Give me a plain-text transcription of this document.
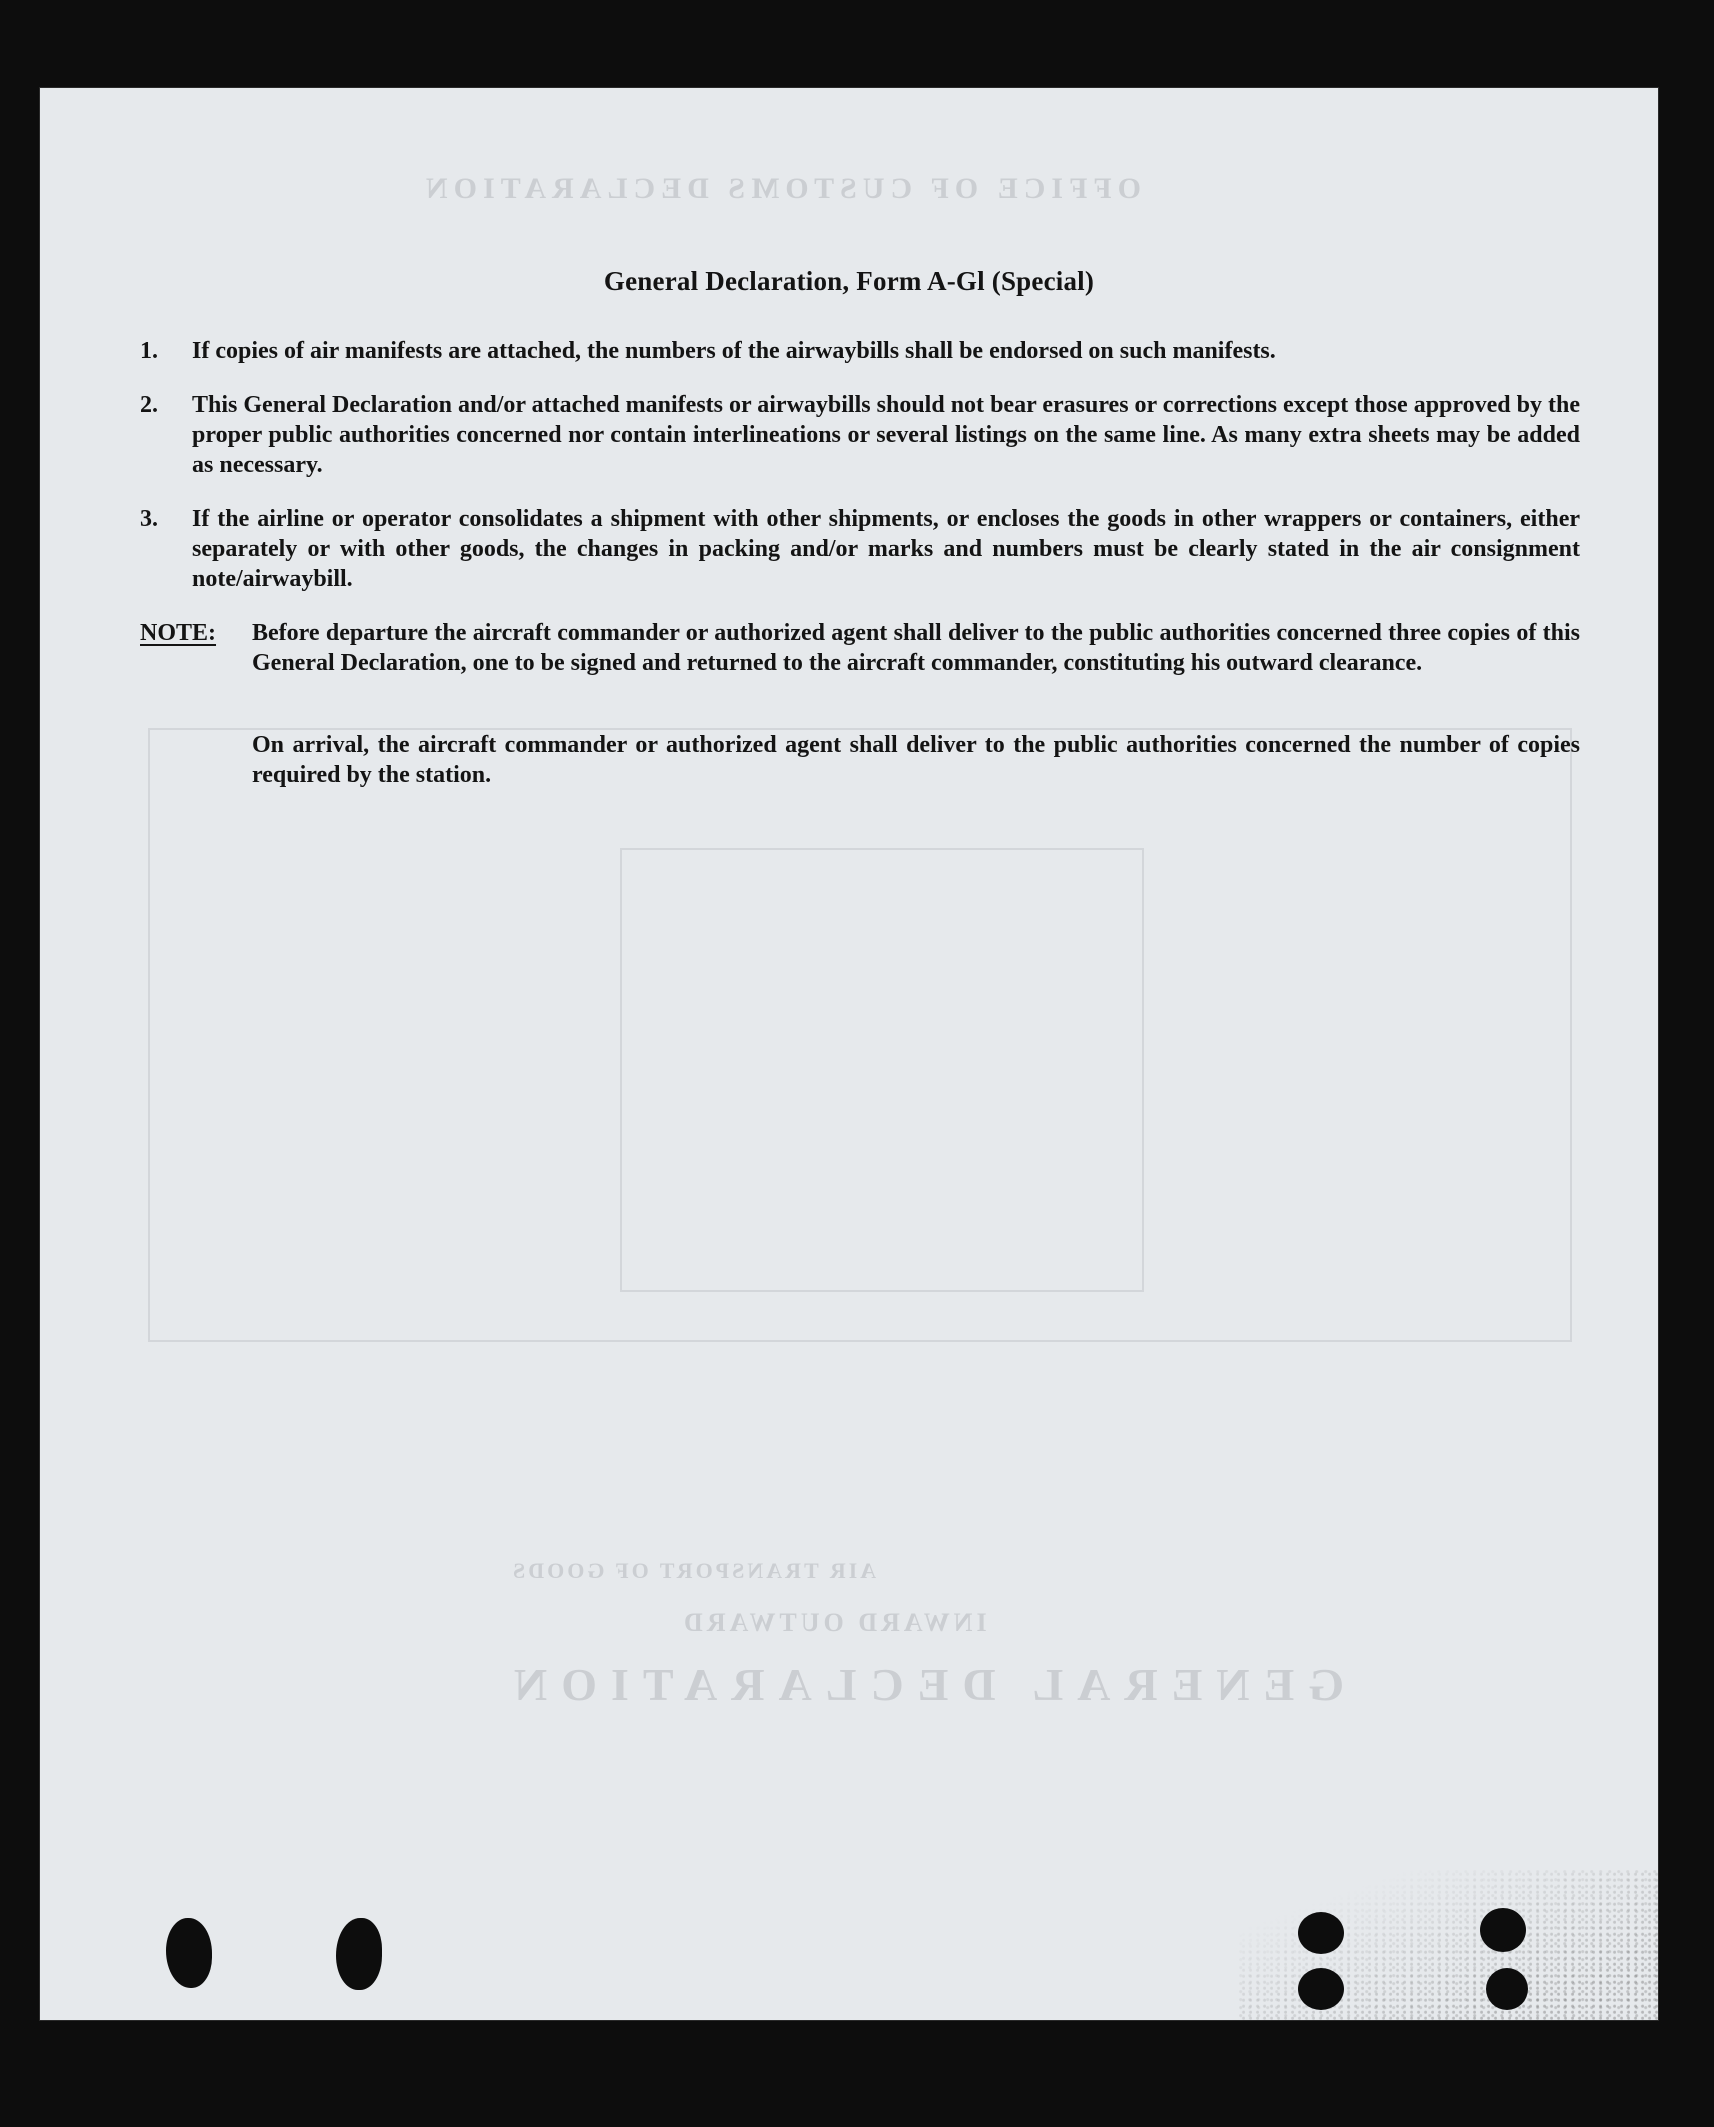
OFFICE OF CUSTOMS DECLARATION
GENERAL DECLARATION
INWARD OUTWARD
AIR TRANSPORT OF GOODS
General Declaration, Form A-Gl (Special)
1. If copies of air manifests are attached, the numbers of the airwaybills shall be endorsed on such manifests.
2. This General Declaration and/or attached manifests or airwaybills should not bear erasures or corrections except those approved by the proper public authorities concerned nor contain interlineations or several listings on the same line. As many extra sheets may be added as necessary.
3. If the airline or operator consolidates a shipment with other shipments, or encloses the goods in other wrappers or containers, either separately or with other goods, the changes in packing and/or marks and numbers must be clearly stated in the air consignment note/airwaybill.
NOTE: Before departure the aircraft commander or authorized agent shall deliver to the public authorities concerned three copies of this General Declaration, one to be signed and returned to the aircraft commander, constituting his outward clearance.
On arrival, the aircraft commander or authorized agent shall deliver to the public authorities concerned the number of copies required by the station.
